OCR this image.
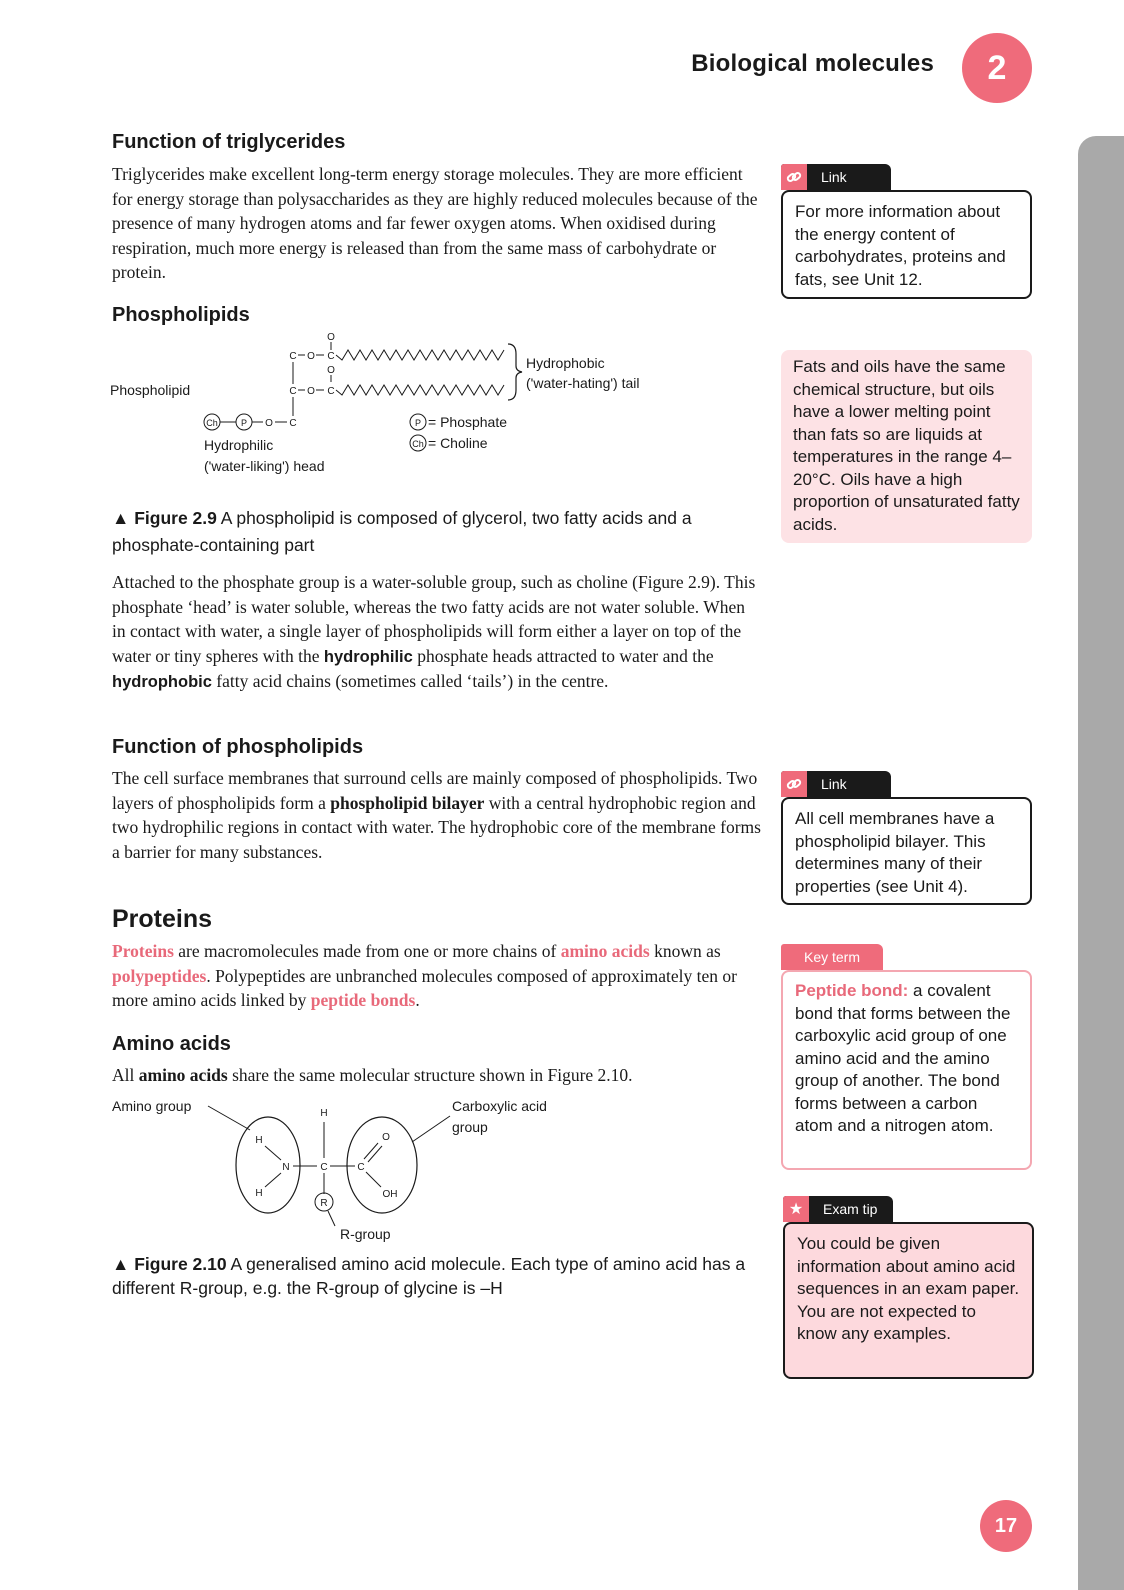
Biological molecules	2
Function of triglycerides
Triglycerides make excellent long-term energy storage molecules. They are more efficient for energy storage than polysaccharides as they are highly reduced molecules because of the presence of many hydrogen atoms and far fewer oxygen atoms. When oxidised during respiration, much more energy is released than from the same mass of carbohydrate or protein.
Phospholipids
O
C O C
O
C O C
Ch	P O C
Phospholipid
Hydrophobic
('water-hating') tail
Hydrophilic
('water-liking') head
P = Phosphate
Ch = Choline
▲ Figure 2.9 A phospholipid is composed of glycerol, two fatty acids and a phosphate-containing part
Attached to the phosphate group is a water-soluble group, such as choline (Figure 2.9). This phosphate ‘head’ is water soluble, whereas the two fatty acids are not water soluble. When in contact with water, a single layer of phospholipids will form either a layer on top of the water or tiny spheres with the hydrophilic phosphate heads attracted to water and the hydrophobic fatty acid chains (sometimes called ‘tails’) in the centre.
Function of phospholipids
The cell surface membranes that surround cells are mainly composed of phospholipids. Two layers of phospholipids form a phospholipid bilayer with a central hydrophobic region and two hydrophilic regions in contact with water. The hydrophobic core of the membrane forms a barrier for many substances.
Proteins
Proteins are macromolecules made from one or more chains of amino acids known as polypeptides. Polypeptides are unbranched molecules composed of approximately ten or more amino acids linked by peptide bonds.
Amino acids
All amino acids share the same molecular structure shown in Figure 2.10.
H
N
H
H
C
R
C
O
OH
Amino group	Carboxylic acid
group
R-group
▲ Figure 2.10 A generalised amino acid molecule. Each type of amino acid has a different R-group, e.g. the R-group of glycine is –H
Link
For more information about the energy content of carbohydrates, proteins and fats, see Unit 12.
Fats and oils have the same chemical structure, but oils have a lower melting point than fats so are liquids at temperatures in the range 4–20°C. Oils have a high proportion of unsaturated fatty acids.
Link
All cell membranes have a phospholipid bilayer. This determines many of their properties (see Unit 4).
Key term
Peptide bond: a covalent bond that forms between the carboxylic acid group of one amino acid and the amino group of another. The bond forms between a carbon atom and a nitrogen atom.
★	Exam tip
You could be given information about amino acid sequences in an exam paper. You are not expected to know any examples.
17
